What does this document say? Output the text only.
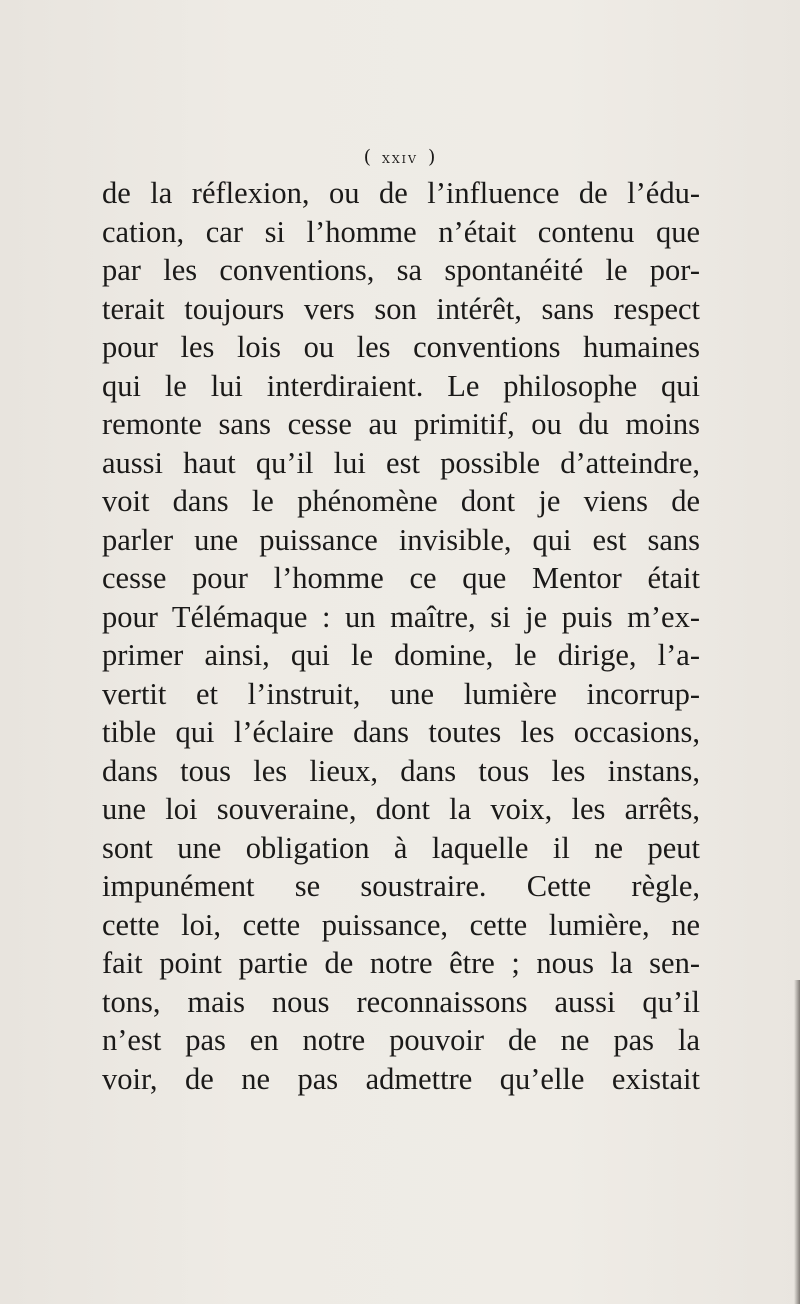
( xxiv )
de la réflexion, ou de l’influence de l’édu-
cation, car si l’homme n’était contenu que
par les conventions, sa spontanéité le por-
terait toujours vers son intérêt, sans respect
pour les lois ou les conventions humaines
qui le lui interdiraient. Le philosophe qui
remonte sans cesse au primitif, ou du moins
aussi haut qu’il lui est possible d’atteindre,
voit dans le phénomène dont je viens de
parler une puissance invisible, qui est sans
cesse pour l’homme ce que Mentor était
pour Télémaque : un maître, si je puis m’ex-
primer ainsi, qui le domine, le dirige, l’a-
vertit et l’instruit, une lumière incorrup-
tible qui l’éclaire dans toutes les occasions,
dans tous les lieux, dans tous les instans,
une loi souveraine, dont la voix, les arrêts,
sont une obligation à laquelle il ne peut
impunément se soustraire. Cette règle,
cette loi, cette puissance, cette lumière, ne
fait point partie de notre être ; nous la sen-
tons, mais nous reconnaissons aussi qu’il
n’est pas en notre pouvoir de ne pas la
voir, de ne pas admettre qu’elle existait
